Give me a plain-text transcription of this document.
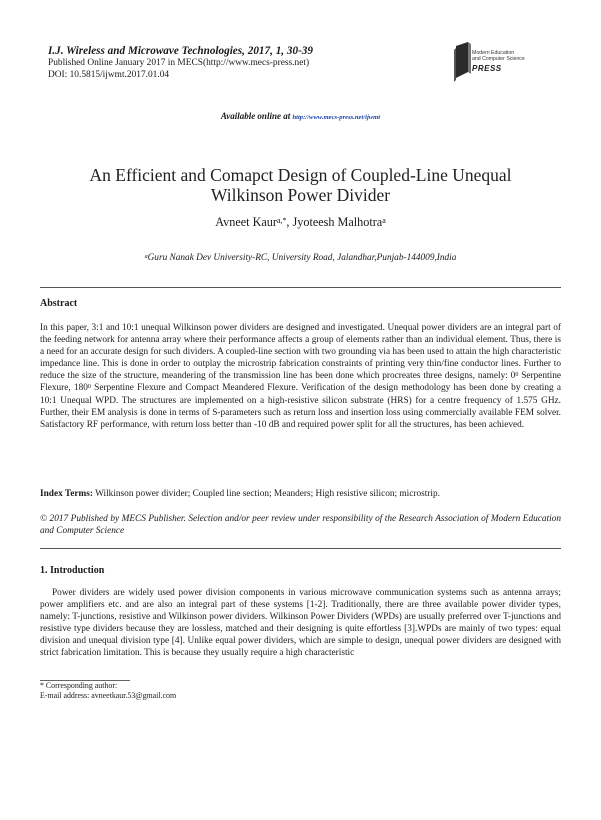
I.J. Wireless and Microwave Technologies, 2017, 1, 30-39
Published Online January 2017 in MECS(http://www.mecs-press.net)
DOI: 10.5815/ijwmt.2017.01.04
Modern Education
and Computer Science
PRESS
Available online at http://www.mecs-press.net/ijwmt
An Efficient and Comapct Design of Coupled-Line Unequal
Wilkinson Power Divider
Avneet Kaur$^{a,*}$, Jyoteesh Malhotra$^a$
$^a$Guru Nanak Dev University-RC, University Road, Jalandhar,Punjab-144009,India
Abstract
In this paper, 3:1 and 10:1 unequal Wilkinson power dividers are designed and investigated. Unequal power dividers are an integral part of the feeding network for antenna array where their performance affects a group of elements rather than an individual element. Thus, there is a need for an accurate design for such dividers. A coupled-line section with two grounding via has been used to attain the high characteristic impedance line. This is done in order to outplay the microstrip fabrication constraints of printing very thin/fine conductor lines. Further to reduce the size of the structure, meandering of the transmission line has been done which procreates three designs, namely: $0^0$ Serpentine Flexure, $180^0$ Serpentine Flexure and Compact Meandered Flexure. Verification of the design methodology has been done by creating a 10:1 Unequal WPD. The structures are implemented on a high-resistive silicon substrate (HRS) for a centre frequency of 1.575 GHz. Further, their EM analysis is done in terms of S-parameters such as return loss and insertion loss using commercially available FEM solver. Satisfactory RF performance, with return loss better than -10 dB and required power split for all the structures, has been achieved.
Index Terms: Wilkinson power divider; Coupled line section; Meanders; High resistive silicon; microstrip.
© 2017 Published by MECS Publisher. Selection and/or peer review under responsibility of the Research Association of Modern Education and Computer Science
1. Introduction
Power dividers are widely used power division components in various microwave communication systems such as antenna arrays; power amplifiers etc. and are also an integral part of these systems [1-2]. Traditionally, there are three available power divider types, namely: T-junctions, resistive and Wilkinson power dividers. Wilkinson Power Dividers (WPDs) are usually preferred over T-junctions and resistive type dividers because they are lossless, matched and their designing is quite effortless [3].WPDs are mainly of two types: equal division and unequal division type [4]. Unlike equal power dividers, which are simple to design, unequal power dividers are designed with strict fabrication limitation. This is because they usually require a high characteristic
* Corresponding author:
E-mail address: avneetkaur.53@gmail.com
